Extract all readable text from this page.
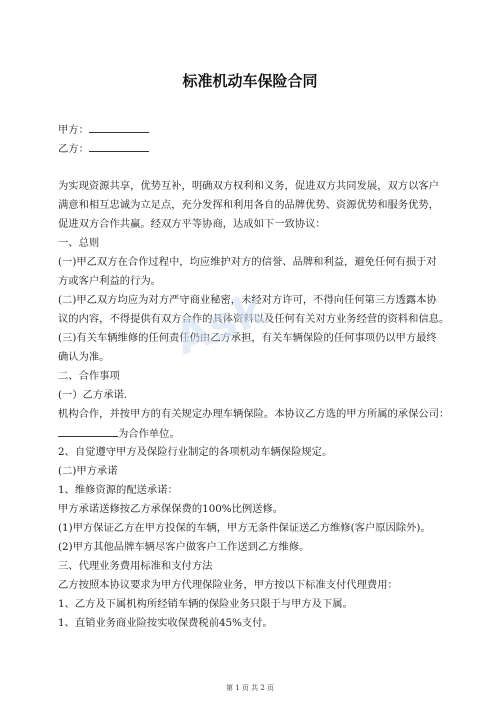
标准机动车保险合同
甲方：
乙方：
为实现资源共享，优势互补，明确双方权利和义务，促进双方共同发展，双方以客户
满意和相互忠诚为立足点，充分发挥和利用各自的品牌优势、资源优势和服务优势，
促进双方合作共赢。经双方平等协商，达成如下一致协议：
一、总则
(一)甲乙双方在合作过程中，均应维护对方的信誉、品牌和利益，避免任何有损于对
方或客户利益的行为。
(二)甲乙双方均应为对方严守商业秘密，未经对方许可，不得向任何第三方透露本协
议的内容，不得提供有双方合作的具体资料以及任何有关对方业务经营的资料和信息。
(三)有关车辆维修的任何责任仍由乙方承担，有关车辆保险的任何事项仍以甲方最终
确认为准。
二、合作事项
(一）乙方承诺.
机构合作，并按甲方的有关规定办理车辆保险。本协议乙方选的甲方所属的承保公司：
为合作单位。
2、自觉遵守甲方及保险行业制定的各项机动车辆保险规定。
(二)甲方承诺
1、维修资源的配送承诺：
甲方承诺送修按乙方承保保费的100%比例送修。
(1)甲方保证乙方在甲方投保的车辆，甲方无条件保证送乙方维修(客户原因除外)。
(2)甲方其他品牌车辆尽客户做客户工作送到乙方维修。
三、代理业务费用标准和支付方法
乙方按照本协议要求为甲方代理保险业务，甲方按以下标准支付代理费用：
1、乙方及下属机构所经销车辆的保险业务只限于与甲方及下属。
1、直销业务商业险按实收保费税前45%支付。
Ask
第 1 页 共 2 页
